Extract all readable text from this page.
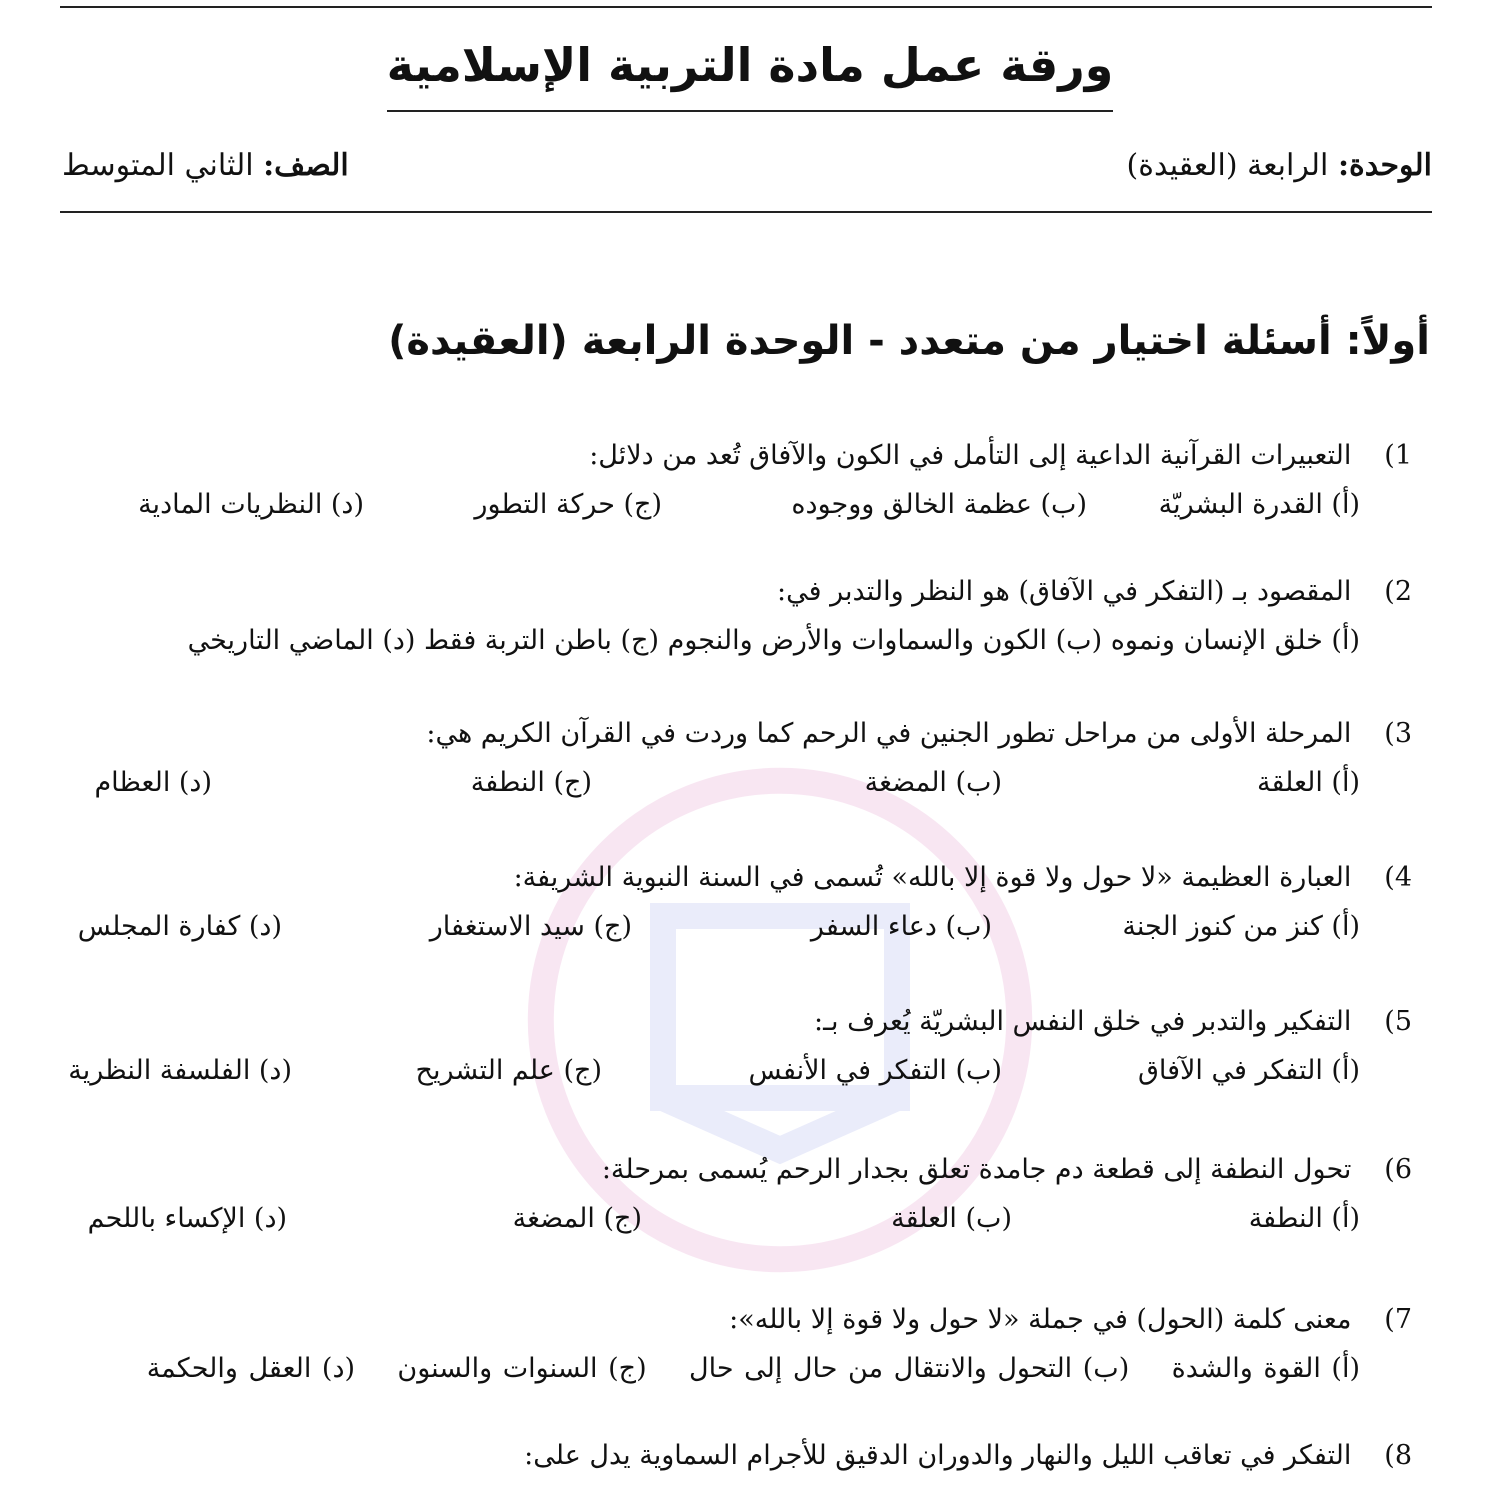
ورقة عمل مادة التربية الإسلامية
الوحدة: الرابعة (العقيدة)
الصف: الثاني المتوسط
أولاً: أسئلة اختيار من متعدد - الوحدة الرابعة (العقيدة)
1) التعبيرات القرآنية الداعية إلى التأمل في الكون والآفاق تُعد من دلائل:
(أ) القدرة البشريّة
(ب) عظمة الخالق ووجوده
(ج) حركة التطور
(د) النظريات المادية
2) المقصود بـ (التفكر في الآفاق) هو النظر والتدبر في:
(أ) خلق الإنسان ونموه (ب) الكون والسماوات والأرض والنجوم (ج) باطن التربة فقط (د) الماضي التاريخي
3) المرحلة الأولى من مراحل تطور الجنين في الرحم كما وردت في القرآن الكريم هي:
(أ) العلقة
(ب) المضغة
(ج) النطفة
(د) العظام
4) العبارة العظيمة «لا حول ولا قوة إلا بالله» تُسمى في السنة النبوية الشريفة:
(أ) كنز من كنوز الجنة
(ب) دعاء السفر
(ج) سيد الاستغفار
(د) كفارة المجلس
5) التفكير والتدبر في خلق النفس البشريّة يُعرف بـ:
(أ) التفكر في الآفاق
(ب) التفكر في الأنفس
(ج) علم التشريح
(د) الفلسفة النظرية
6) تحول النطفة إلى قطعة دم جامدة تعلق بجدار الرحم يُسمى بمرحلة:
(أ) النطفة
(ب) العلقة
(ج) المضغة
(د) الإكساء باللحم
7) معنى كلمة (الحول) في جملة «لا حول ولا قوة إلا بالله»:
(أ) القوة والشدة    (ب) التحول والانتقال من حال إلى حال    (ج) السنوات والسنون    (د) العقل والحكمة
8) التفكر في تعاقب الليل والنهار والدوران الدقيق للأجرام السماوية يدل على:
